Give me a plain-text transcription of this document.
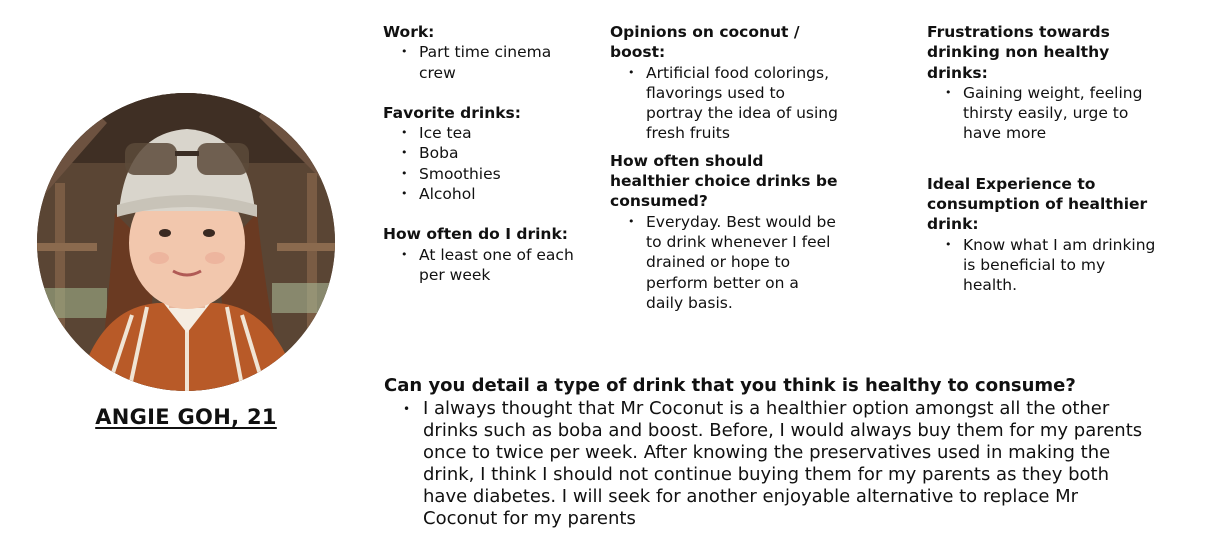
ANGIE GOH, 21
Work:
• Part time cinema crew
Favorite drinks:
• Ice tea
• Boba
• Smoothies
• Alcohol
How often do I drink:
• At least one of each per week
Opinions on coconut / boost:
• Artificial food colorings, flavorings used to portray the idea of using fresh fruits
How often should healthier choice drinks be consumed?
• Everyday. Best would be to drink whenever I feel drained or hope to perform better on a daily basis.
Frustrations towards drinking non healthy drinks:
• Gaining weight, feeling thirsty easily, urge to have more
Ideal Experience to consumption of healthier drink:
• Know what I am drinking is beneficial to my health.
Can you detail a type of drink that you think is healthy to consume?
• I always thought that Mr Coconut is a healthier option amongst all the other drinks such as boba and boost. Before, I would always buy them for my parents once to twice per week. After knowing the preservatives used in making the drink, I think I should not continue buying them for my parents as they both have diabetes. I will seek for another enjoyable alternative to replace Mr Coconut for my parents
